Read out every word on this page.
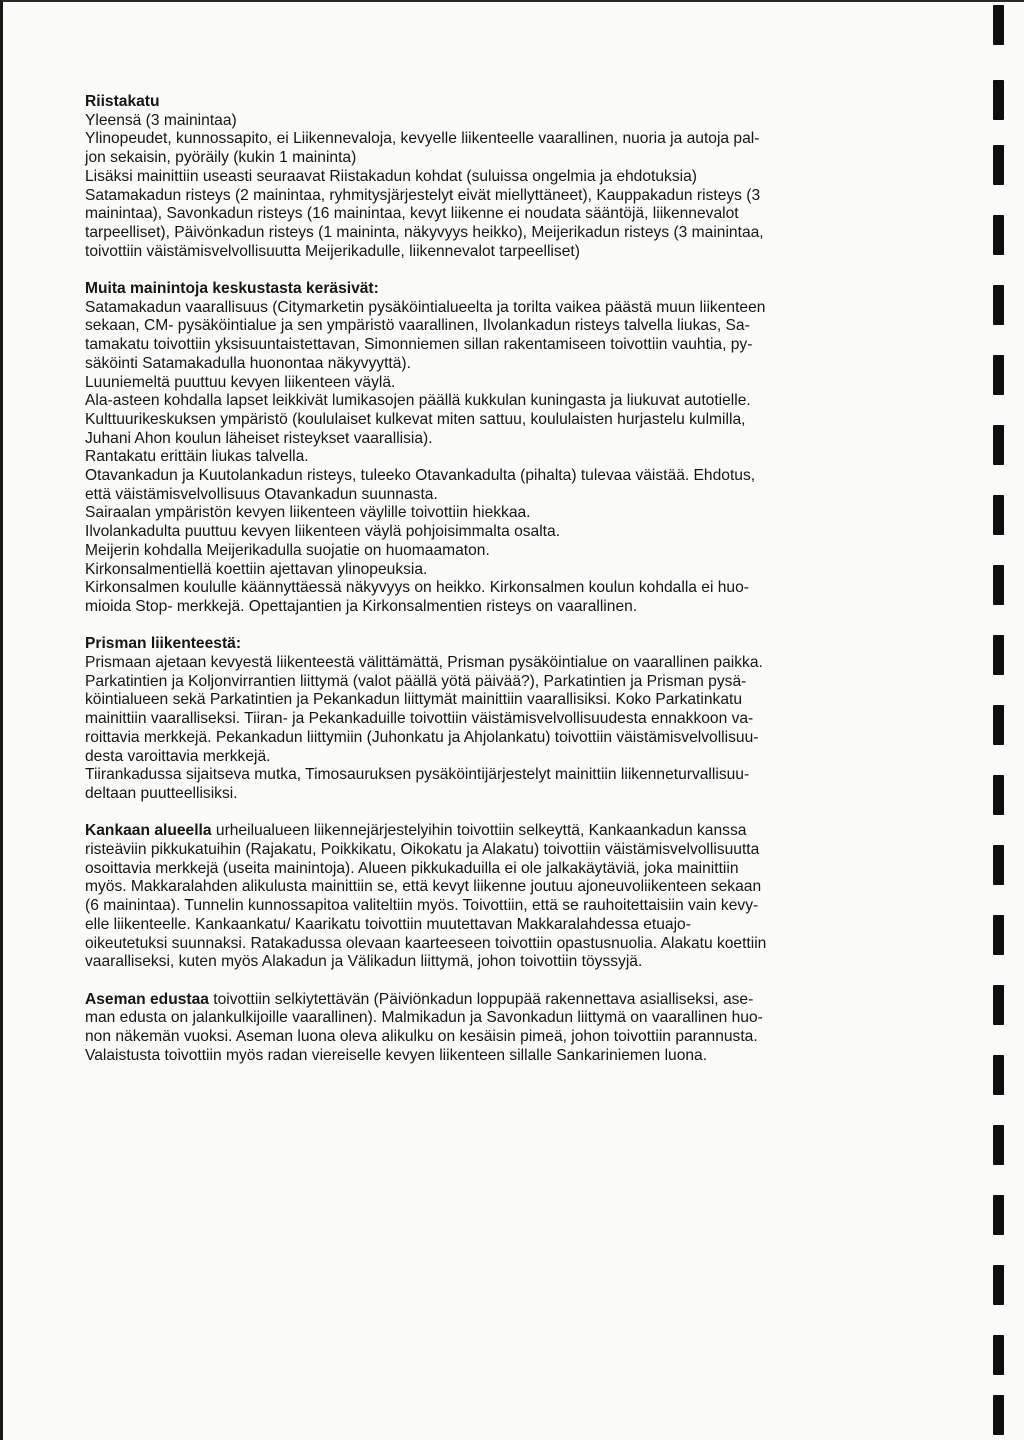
Riistakatu
Yleensä (3 mainintaa)
Ylinopeudet, kunnossapito, ei Liikennevaloja, kevyelle liikenteelle vaarallinen, nuoria ja autoja pal-
jon sekaisin, pyöräily (kukin 1 maininta)
Lisäksi mainittiin useasti seuraavat Riistakadun kohdat (suluissa ongelmia ja ehdotuksia)
Satamakadun risteys (2 mainintaa, ryhmitysjärjestelyt eivät miellyttäneet), Kauppakadun risteys (3
mainintaa), Savonkadun risteys (16 mainintaa, kevyt liikenne ei noudata sääntöjä, liikennevalot
tarpeelliset), Päivönkadun risteys (1 maininta, näkyvyys heikko), Meijerikadun risteys (3 mainintaa,
toivottiin väistämisvelvollisuutta Meijerikadulle, liikennevalot tarpeelliset)
Muita mainintoja keskustasta keräsivät:
Satamakadun vaarallisuus (Citymarketin pysäköintialueelta ja torilta vaikea päästä muun liikenteen
sekaan, CM- pysäköintialue ja sen ympäristö vaarallinen, Ilvolankadun risteys talvella liukas, Sa-
tamakatu toivottiin yksisuuntaistettavan, Simonniemen sillan rakentamiseen toivottiin vauhtia, py-
säköinti Satamakadulla huonontaa näkyvyyttä).
Luuniemeltä puuttuu kevyen liikenteen väylä.
Ala-asteen kohdalla lapset leikkivät lumikasojen päällä kukkulan kuningasta ja liukuvat autotielle.
Kulttuurikeskuksen ympäristö (koululaiset kulkevat miten sattuu, koululaisten hurjastelu kulmilla,
Juhani Ahon koulun läheiset risteykset vaarallisia).
Rantakatu erittäin liukas talvella.
Otavankadun ja Kuutolankadun risteys, tuleeko Otavankadulta (pihalta) tulevaa väistää. Ehdotus,
että väistämisvelvollisuus Otavankadun suunnasta.
Sairaalan ympäristön kevyen liikenteen väylille toivottiin hiekkaa.
Ilvolankadulta puuttuu kevyen liikenteen väylä pohjoisimmalta osalta.
Meijerin kohdalla Meijerikadulla suojatie on huomaamaton.
Kirkonsalmentiellä koettiin ajettavan ylinopeuksia.
Kirkonsalmen koululle käännyttäessä näkyvyys on heikko. Kirkonsalmen koulun kohdalla ei huo-
mioida Stop- merkkejä. Opettajantien ja Kirkonsalmentien risteys on vaarallinen.
Prisman liikenteestä:
Prismaan ajetaan kevyestä liikenteestä välittämättä, Prisman pysäköintialue on vaarallinen paikka.
Parkatintien ja Koljonvirrantien liittymä (valot päällä yötä päivää?), Parkatintien ja Prisman pysä-
köintialueen sekä Parkatintien ja Pekankadun liittymät mainittiin vaarallisiksi. Koko Parkatinkatu
mainittiin vaaralliseksi. Tiiran- ja Pekankaduille toivottiin väistämisvelvollisuudesta ennakkoon va-
roittavia merkkejä. Pekankadun liittymiin (Juhonkatu ja Ahjolankatu) toivottiin väistämisvelvollisuu-
desta varoittavia merkkejä.
Tiirankadussa sijaitseva mutka, Timosauruksen pysäköintijärjestelyt mainittiin liikenneturvallisuu-
deltaan puutteellisiksi.
Kankaan alueella urheilualueen liikennejärjestelyihin toivottiin selkeyttä, Kankaankadun kanssa
risteäviin pikkukatuihin (Rajakatu, Poikkikatu, Oikokatu ja Alakatu) toivottiin väistämisvelvollisuutta
osoittavia merkkejä (useita mainintoja). Alueen pikkukaduilla ei ole jalkakäytäviä, joka mainittiin
myös. Makkaralahden alikulusta mainittiin se, että kevyt liikenne joutuu ajoneuvoliikenteen sekaan
(6 mainintaa). Tunnelin kunnossapitoa valiteltiin myös. Toivottiin, että se rauhoitettaisiin vain kevy-
elle liikenteelle. Kankaankatu/ Kaarikatu toivottiin muutettavan Makkaralahdessa etuajo-
oikeutetuksi suunnaksi. Ratakadussa olevaan kaarteeseen toivottiin opastusnuolia. Alakatu koettiin
vaaralliseksi, kuten myös Alakadun ja Välikadun liittymä, johon toivottiin töyssyjä.
Aseman edustaa toivottiin selkiytettävän (Päiviönkadun loppupää rakennettava asialliseksi, ase-
man edusta on jalankulkijoille vaarallinen). Malmikadun ja Savonkadun liittymä on vaarallinen huo-
non näkemän vuoksi. Aseman luona oleva alikulku on kesäisin pimeä, johon toivottiin parannusta.
Valaistusta toivottiin myös radan viereiselle kevyen liikenteen sillalle Sankariniemen luona.
